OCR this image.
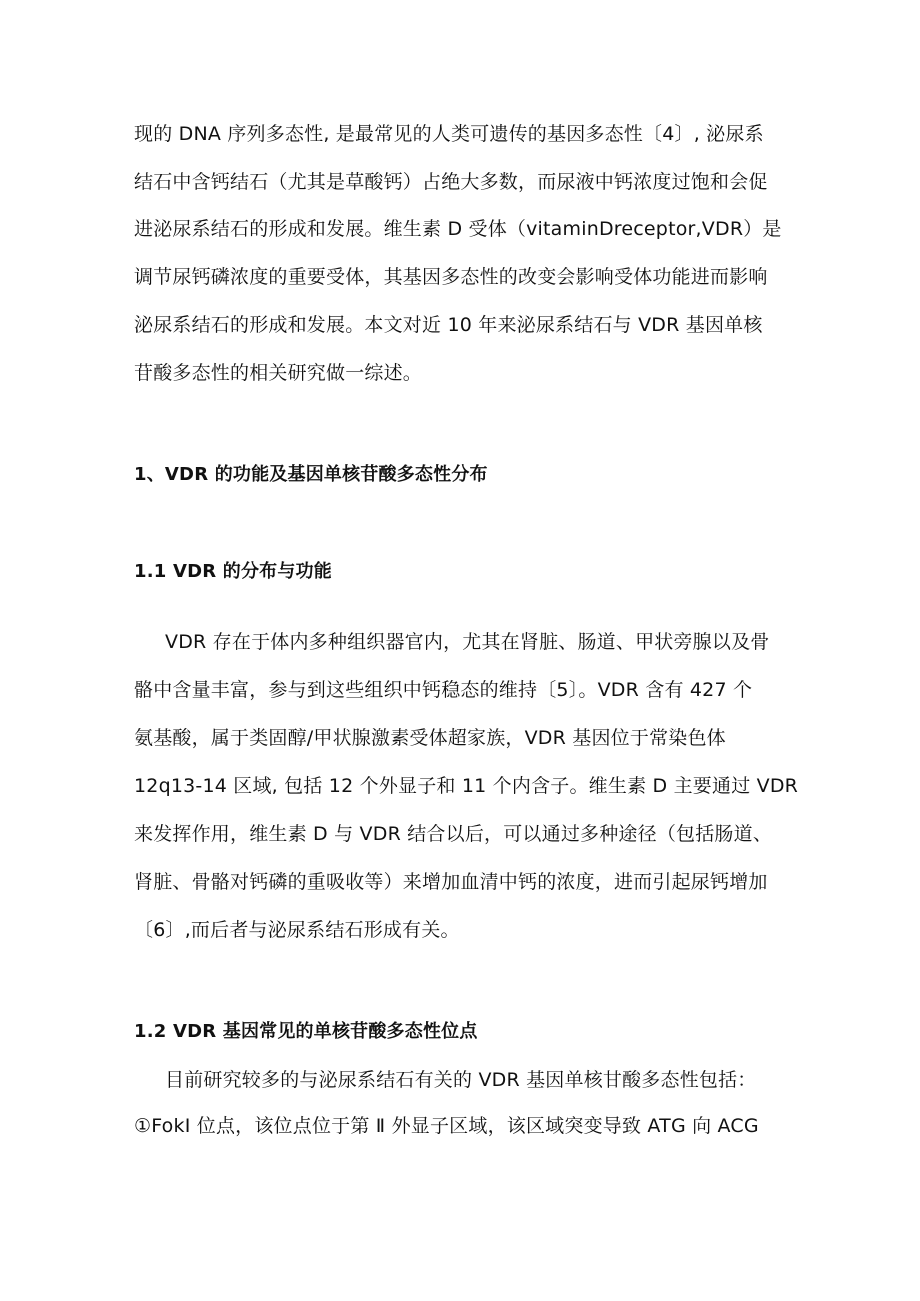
现的 DNA 序列多态性, 是最常见的人类可遗传的基因多态性〔4〕, 泌尿系
结石中含钙结石（尤其是草酸钙）占绝大多数，而尿液中钙浓度过饱和会促
进泌尿系结石的形成和发展。维生素 D 受体（vitaminDreceptor,VDR）是
调节尿钙磷浓度的重要受体，其基因多态性的改变会影响受体功能进而影响
泌尿系结石的形成和发展。本文对近 10 年来泌尿系结石与 VDR 基因单核
苷酸多态性的相关研究做一综述。
1、VDR 的功能及基因单核苷酸多态性分布
1.1 VDR 的分布与功能
VDR 存在于体内多种组织器官内，尤其在肾脏、肠道、甲状旁腺以及骨
骼中含量丰富，参与到这些组织中钙稳态的维持〔5〕。VDR 含有 427 个
氨基酸，属于类固醇/甲状腺激素受体超家族，VDR 基因位于常染色体
12q13-14 区域, 包括 12 个外显子和 11 个内含子。维生素 D 主要通过 VDR
来发挥作用，维生素 D 与 VDR 结合以后，可以通过多种途径（包括肠道、
肾脏、骨骼对钙磷的重吸收等）来增加血清中钙的浓度，进而引起尿钙增加
〔6〕,而后者与泌尿系结石形成有关。
1.2 VDR 基因常见的单核苷酸多态性位点
目前研究较多的与泌尿系结石有关的 VDR 基因单核甘酸多态性包括：
①FokI 位点，该位点位于第 Ⅱ 外显子区域，该区域突变导致 ATG 向 ACG
